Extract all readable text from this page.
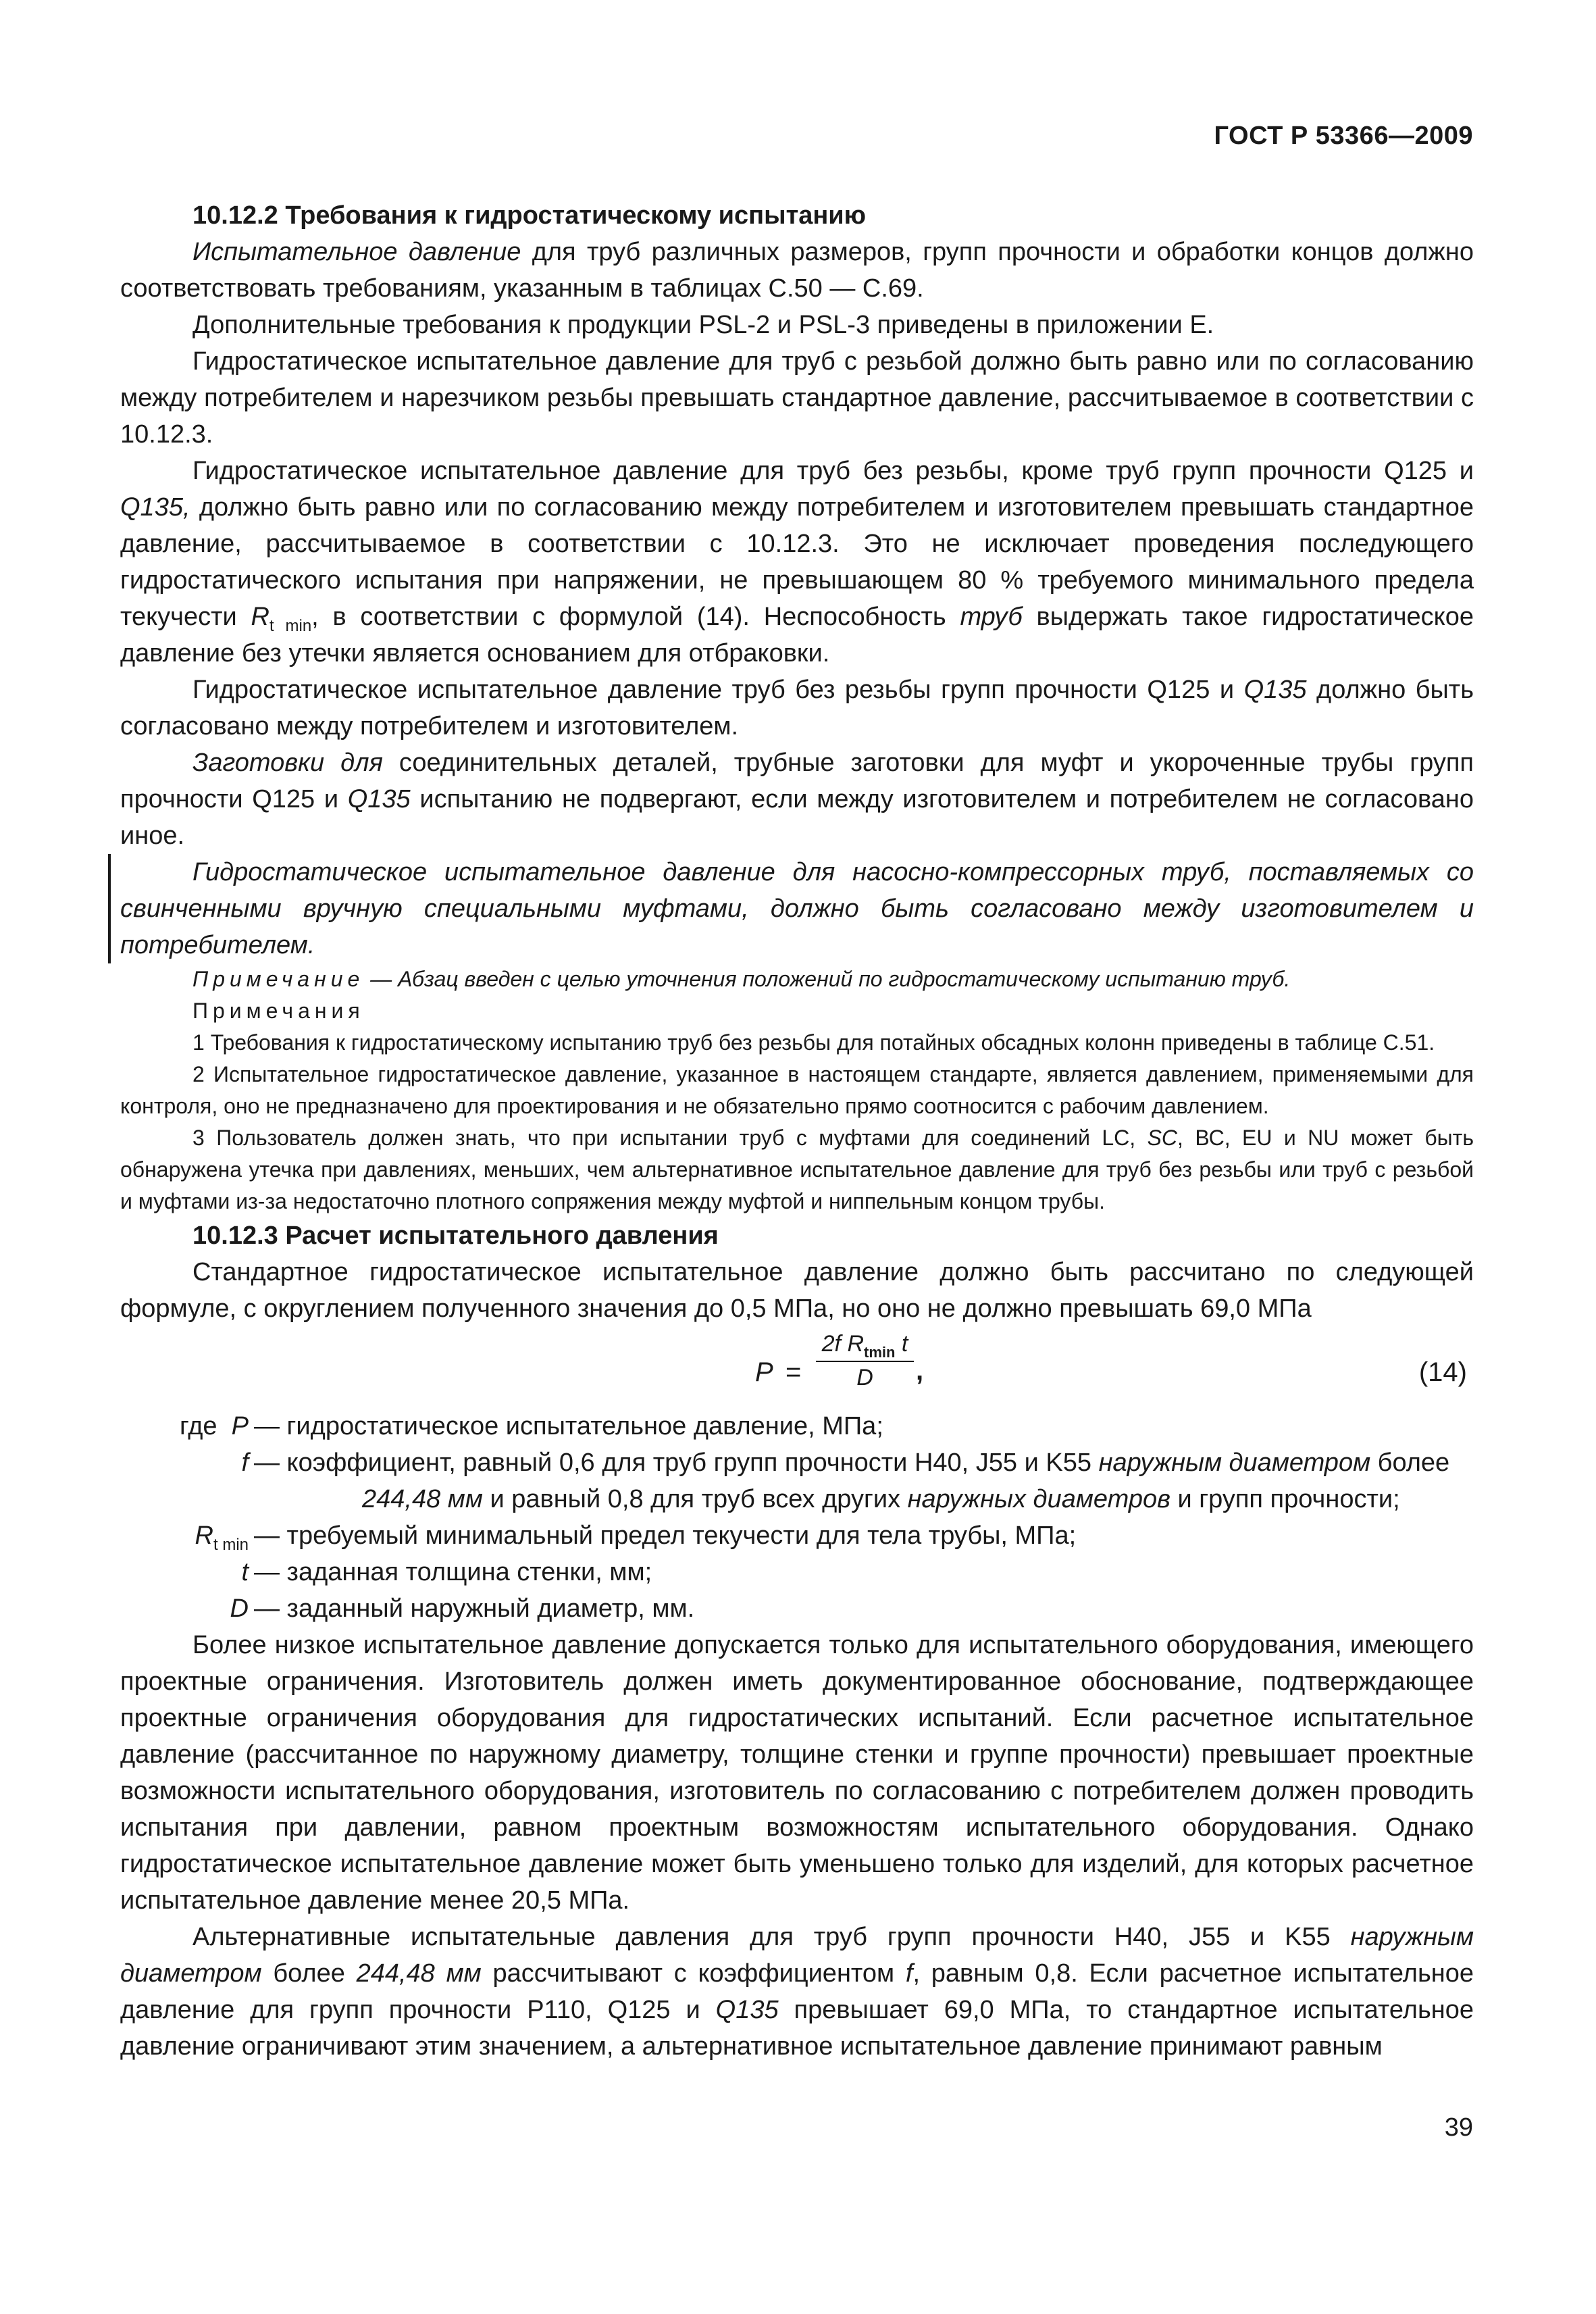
ГОСТ Р 53366—2009

10.12.2 Требования к гидростатическому испытанию

Испытательное давление для труб различных размеров, групп прочности и обработки концов должно соответствовать требованиям, указанным в таблицах С.50 — С.69.

Дополнительные требования к продукции PSL-2 и PSL-3 приведены в приложении Е.

Гидростатическое испытательное давление для труб с резьбой должно быть равно или по согласованию между потребителем и нарезчиком резьбы превышать стандартное давление, рассчитываемое в соответствии с 10.12.3.

Гидростатическое испытательное давление для труб без резьбы, кроме труб групп прочности Q125 и Q135, должно быть равно или по согласованию между потребителем и изготовителем превышать стандартное давление, рассчитываемое в соответствии с 10.12.3. Это не исключает проведения последующего гидростатического испытания при напряжении, не превышающем 80 % требуемого минимального предела текучести $R_{t min}$, в соответствии с формулой (14). Неспособность труб выдержать такое гидростатическое давление без утечки является основанием для отбраковки.

Гидростатическое испытательное давление труб без резьбы групп прочности Q125 и Q135 должно быть согласовано между потребителем и изготовителем.

Заготовки для соединительных деталей, трубные заготовки для муфт и укороченные трубы групп прочности Q125 и Q135 испытанию не подвергают, если между изготовителем и потребителем не согласовано иное.

Гидростатическое испытательное давление для насосно-компрессорных труб, поставляемых со свинченными вручную специальными муфтами, должно быть согласовано между изготовителем и потребителем.

Примечание — Абзац введен с целью уточнения положений по гидростатическому испытанию труб.

Примечания

1 Требования к гидростатическому испытанию труб без резьбы для потайных обсадных колонн приведены в таблице С.51.

2 Испытательное гидростатическое давление, указанное в настоящем стандарте, является давлением, применяемыми для контроля, оно не предназначено для проектирования и не обязательно прямо соотносится с рабочим давлением.

3 Пользователь должен знать, что при испытании труб с муфтами для соединений LC, SC, ВС, EU и NU может быть обнаружена утечка при давлениях, меньших, чем альтернативное испытательное давление для труб без резьбы или труб с резьбой и муфтами из-за недостаточно плотного сопряжения между муфтой и ниппельным концом трубы.

10.12.3 Расчет испытательного давления

Стандартное гидростатическое испытательное давление должно быть рассчитано по следующей формуле, с округлением полученного значения до 0,5 МПа, но оно не должно превышать 69,0 МПа

P =
2f $R_{tmin}$ t
D	,	(14)
где P — гидростатическое испытательное давление, МПа;
f — коэффициент, равный 0,6 для труб групп прочности Н40, J55 и K55 наружным диаметром более
244,48 мм и равный 0,8 для труб всех других наружных диаметров и групп прочности;
$R_{t min}$ — требуемый минимальный предел текучести для тела трубы, МПа;
t — заданная толщина стенки, мм;
D — заданный наружный диаметр, мм.

Более низкое испытательное давление допускается только для испытательного оборудования, имеющего проектные ограничения. Изготовитель должен иметь документированное обоснование, подтверждающее проектные ограничения оборудования для гидростатических испытаний. Если расчетное испытательное давление (рассчитанное по наружному диаметру, толщине стенки и группе прочности) превышает проектные возможности испытательного оборудования, изготовитель по согласованию с потребителем должен проводить испытания при давлении, равном проектным возможностям испытательного оборудования. Однако гидростатическое испытательное давление может быть уменьшено только для изделий, для которых расчетное испытательное давление менее 20,5 МПа.

Альтернативные испытательные давления для труб групп прочности Н40, J55 и K55 наружным диаметром более 244,48 мм рассчитывают с коэффициентом f, равным 0,8. Если расчетное испытательное давление для групп прочности Р110, Q125 и Q135 превышает 69,0 МПа, то стандартное испытательное давление ограничивают этим значением, а альтернативное испытательное давление принимают равным

39
